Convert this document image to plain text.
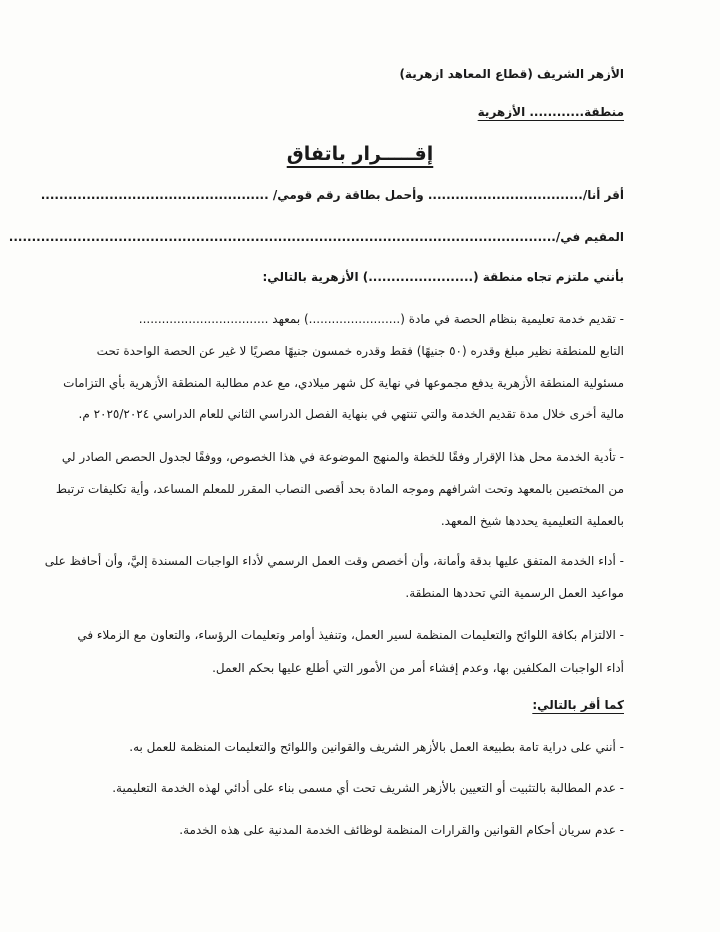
الأزهر الشريف (قطاع المعاهد ازهرية)

منطقة............ الأزهرية

إقـــــرار باتفاق

أقر أنا/.................................. وأحمل بطاقة رقم قومي/ ..................................................

المقيم في/........................................................................................................................

بأنني ملتزم تجاه منطقة (.......................) الأزهرية بالتالي:

- تقديم خدمة تعليمية بنظام الحصة في مادة (........................) بمعهد ..................................

التابع للمنطقة نظير مبلغ وقدره (٥٠ جنيهًا) فقط وقدره خمسون جنيهًا مصريًا لا غير عن الحصة الواحدة تحت

مسئولية المنطقة الأزهرية يدفع مجموعها في نهاية كل شهر ميلادي، مع عدم مطالبة المنطقة الأزهرية بأي التزامات

مالية أخرى خلال مدة تقديم الخدمة والتي تنتهي في بنهاية الفصل الدراسي الثاني للعام الدراسي ٢٠٢٥/٢٠٢٤ م.

- تأدية الخدمة محل هذا الإقرار وفقًا للخطة والمنهج الموضوعة في هذا الخصوص، ووفقًا لجدول الحصص الصادر لي

من المختصين بالمعهد وتحت اشرافهم وموجه المادة بحد أقصى النصاب المقرر للمعلم المساعد، وأية تكليفات ترتبط

بالعملية التعليمية يحددها شيخ المعهد.

- أداء الخدمة المتفق عليها بدقة وأمانة، وأن أخصص وقت العمل الرسمي لأداء الواجبات المسندة إليَّ، وأن أحافظ على

مواعيد العمل الرسمية التي تحددها المنطقة.

- الالتزام بكافة اللوائح والتعليمات المنظمة لسير العمل، وتنفيذ أوامر وتعليمات الرؤساء، والتعاون مع الزملاء في

أداء الواجبات المكلفين بها، وعدم إفشاء أمر من الأمور التي أطلع عليها بحكم العمل.

كما أقر بالتالي:

- أنني على دراية تامة بطبيعة العمل بالأزهر الشريف والقوانين واللوائح والتعليمات المنظمة للعمل به.

- عدم المطالبة بالتثبيت أو التعيين بالأزهر الشريف تحت أي مسمى بناء على أدائي لهذه الخدمة التعليمية.

- عدم سريان أحكام القوانين والقرارات المنظمة لوظائف الخدمة المدنية على هذه الخدمة.
